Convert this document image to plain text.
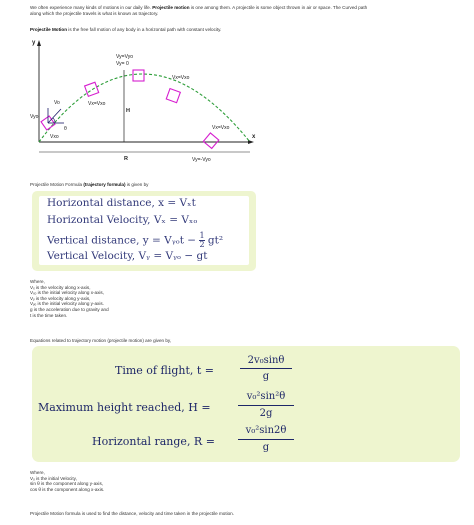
We often experience many kinds of motions in our daily life. Projectile motion is one among them. A projectile is some object thrown in air or space. The Curved path
along which the projectile travels is what is known as trajectory.
Projectile Motion is the free fall motion of any body in a horizontal path with constant velocity.
y
x
Vy=Vyo
Vy= 0
Vx=Vxo
Vo	Vx=Vxo
H
Vyo
θ
Vxo
Vx=Vxo
R	Vy=-Vyo
Projectile Motion Formula (trajectory formula) is given by
Horizontal distance, x = Vₓt
Horizontal Velocity, Vₓ = Vₓₒ
Vertical distance, y = Vᵧₒt − $\frac{1}{2} gt^2$
Vertical Velocity, Vᵧ = Vᵧₒ − gt
Where,
Vₓ is the velocity along x-axis,
Vₓₒ is the initial velocity along x-axis,
Vᵧ is the velocity along y-axis,
Vᵧₒ is the initial velocity along y-axis.
g is the acceleration due to gravity and
t is the time taken.
Equations related to trajectory motion (projectile motion) are given by,
Time of flight, t =
2v₀sinθ
g
Maximum height reached, H =
v₀²sin²θ
2g
Horizontal range, R =
v₀²sin2θ
g
Where,
Vₒ is the initial Velocity,
sin θ is the component along y-axis,
cos θ is the component along x-axis.
Projectile Motion formula is used to find the distance, velocity and time taken in the projectile motion.
